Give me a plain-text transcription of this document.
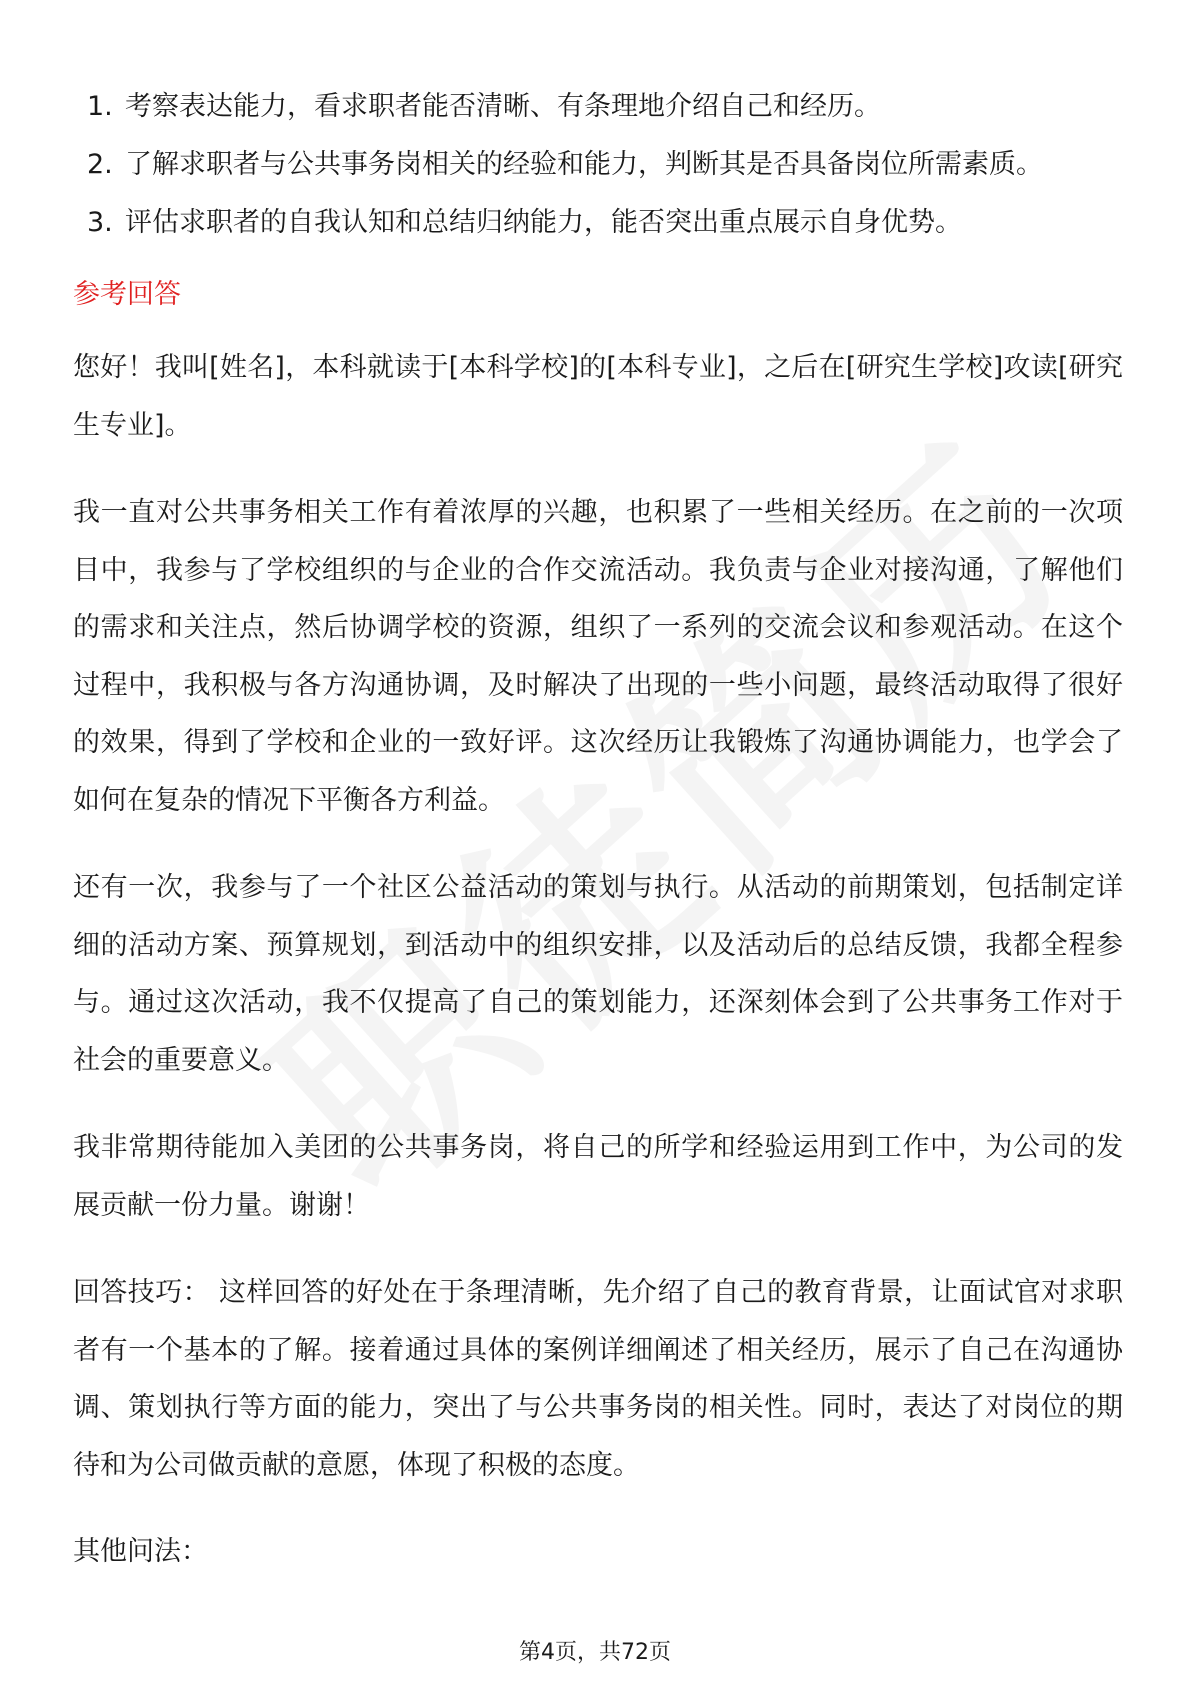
1. 考察表达能力，看求职者能否清晰、有条理地介绍自己和经历。
2. 了解求职者与公共事务岗相关的经验和能力，判断其是否具备岗位所需素质。
3. 评估求职者的自我认知和总结归纳能力，能否突出重点展示自身优势。
参考回答

您好！我叫[姓名]，本科就读于[本科学校]的[本科专业]，之后在[研究生学校]攻读[研究生专业]。

我一直对公共事务相关工作有着浓厚的兴趣，也积累了一些相关经历。在之前的一次项目中，我参与了学校组织的与企业的合作交流活动。我负责与企业对接沟通，了解他们的需求和关注点，然后协调学校的资源，组织了一系列的交流会议和参观活动。在这个过程中，我积极与各方沟通协调，及时解决了出现的一些小问题，最终活动取得了很好的效果，得到了学校和企业的一致好评。这次经历让我锻炼了沟通协调能力，也学会了如何在复杂的情况下平衡各方利益。

还有一次，我参与了一个社区公益活动的策划与执行。从活动的前期策划，包括制定详细的活动方案、预算规划，到活动中的组织安排，以及活动后的总结反馈，我都全程参与。通过这次活动，我不仅提高了自己的策划能力，还深刻体会到了公共事务工作对于社会的重要意义。

我非常期待能加入美团的公共事务岗，将自己的所学和经验运用到工作中，为公司的发展贡献一份力量。谢谢！

回答技巧： 这样回答的好处在于条理清晰，先介绍了自己的教育背景，让面试官对求职者有一个基本的了解。接着通过具体的案例详细阐述了相关经历，展示了自己在沟通协调、策划执行等方面的能力，突出了与公共事务岗的相关性。同时，表达了对岗位的期待和为公司做贡献的意愿，体现了积极的态度。

其他问法：

第4页，共72页
